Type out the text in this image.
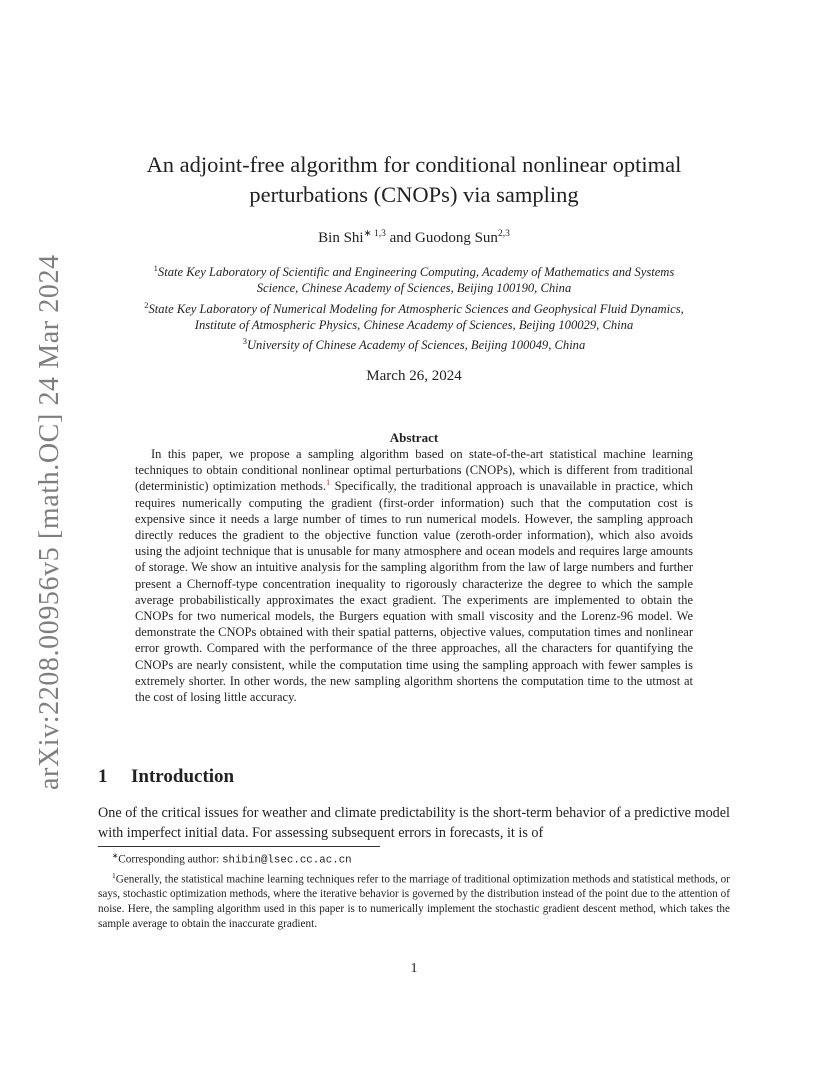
arXiv:2208.00956v5 [math.OC] 24 Mar 2024
An adjoint-free algorithm for conditional nonlinear optimal
perturbations (CNOPs) via sampling
Bin Shi$^{∗ 1,3}$ and Guodong Sun$^{2,3}$
$^1$State Key Laboratory of Scientific and Engineering Computing, Academy of Mathematics and Systems
Science, Chinese Academy of Sciences, Beijing 100190, China
$^2$State Key Laboratory of Numerical Modeling for Atmospheric Sciences and Geophysical Fluid Dynamics,
Institute of Atmospheric Physics, Chinese Academy of Sciences, Beijing 100029, China
$^3$University of Chinese Academy of Sciences, Beijing 100049, China
March 26, 2024
Abstract
In this paper, we propose a sampling algorithm based on state-of-the-art statistical machine learning techniques to obtain conditional nonlinear optimal perturbations (CNOPs), which is different from traditional (deterministic) optimization methods.$^1$ Specifically, the traditional approach is unavailable in practice, which requires numerically computing the gradient (first-order information) such that the computation cost is expensive since it needs a large number of times to run numerical models. However, the sampling approach directly reduces the gradient to the objective function value (zeroth-order information), which also avoids using the adjoint technique that is unusable for many atmosphere and ocean models and requires large amounts of storage. We show an intuitive analysis for the sampling algorithm from the law of large numbers and further present a Chernoff-type concentration inequality to rigorously characterize the degree to which the sample average probabilistically approximates the exact gradient. The experiments are implemented to obtain the CNOPs for two numerical models, the Burgers equation with small viscosity and the Lorenz-96 model. We demonstrate the CNOPs obtained with their spatial patterns, objective values, computation times and nonlinear error growth. Compared with the performance of the three approaches, all the characters for quantifying the CNOPs are nearly consistent, while the computation time using the sampling approach with fewer samples is extremely shorter. In other words, the new sampling algorithm shortens the computation time to the utmost at the cost of losing little accuracy.
1 Introduction
One of the critical issues for weather and climate predictability is the short-term behavior of a predictive model with imperfect initial data. For assessing subsequent errors in forecasts, it is of

∗Corresponding author: shibin@lsec.cc.ac.cn

$^1$Generally, the statistical machine learning techniques refer to the marriage of traditional optimization methods and statistical methods, or says, stochastic optimization methods, where the iterative behavior is governed by the distribution instead of the point due to the attention of noise. Here, the sampling algorithm used in this paper is to numerically implement the stochastic gradient descent method, which takes the sample average to obtain the inaccurate gradient.

1
